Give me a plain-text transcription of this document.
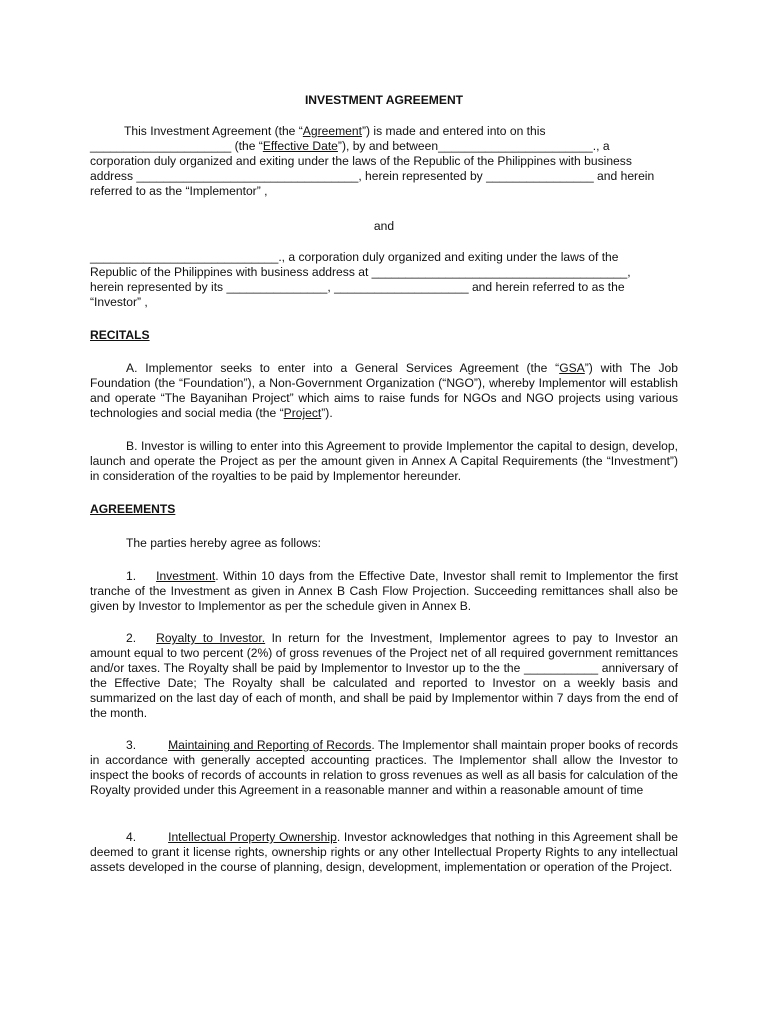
INVESTMENT AGREEMENT
This Investment Agreement (the “Agreement”) is made and entered into on this
_____________________ (the “Effective Date”), by and between_______________________., a
corporation duly organized and exiting under the laws of the Republic of the Philippines with business
address _________________________________, herein represented by ________________ and herein
referred to as the “Implementor” ,
and
____________________________., a corporation duly organized and exiting under the laws of the
Republic of the Philippines with business address at ______________________________________,
herein represented by its _______________, ____________________ and herein referred to as the
“Investor” ,
RECITALS
A. Implementor seeks to enter into a General Services Agreement (the “GSA”) with The Job Foundation (the “Foundation”), a Non-Government Organization (“NGO”), whereby Implementor will establish and operate “The Bayanihan Project” which aims to raise funds for NGOs and NGO projects using various technologies and social media (the “Project”).
B. Investor is willing to enter into this Agreement to provide Implementor the capital to design, develop, launch and operate the Project as per the amount given in Annex A Capital Requirements (the “Investment”) in consideration of the royalties to be paid by Implementor hereunder.
AGREEMENTS
The parties hereby agree as follows:
1. Investment. Within 10 days from the Effective Date, Investor shall remit to Implementor the first tranche of the Investment as given in Annex B Cash Flow Projection. Succeeding remittances shall also be given by Investor to Implementor as per the schedule given in Annex B.
2. Royalty to Investor. In return for the Investment, Implementor agrees to pay to Investor an amount equal to two percent (2%) of gross revenues of the Project net of all required government remittances and/or taxes. The Royalty shall be paid by Implementor to Investor up to the the ___________ anniversary of the Effective Date; The Royalty shall be calculated and reported to Investor on a weekly basis and summarized on the last day of each of month, and shall be paid by Implementor within 7 days from the end of the month.
3.	Maintaining and Reporting of Records. The Implementor shall maintain proper books of records in accordance with generally accepted accounting practices. The Implementor shall allow the Investor to inspect the books of records of accounts in relation to gross revenues as well as all basis for calculation of the Royalty provided under this Agreement in a reasonable manner and within a reasonable amount of time
4.	Intellectual Property Ownership. Investor acknowledges that nothing in this Agreement shall be deemed to grant it license rights, ownership rights or any other Intellectual Property Rights to any intellectual assets developed in the course of planning, design, development, implementation or operation of the Project.
